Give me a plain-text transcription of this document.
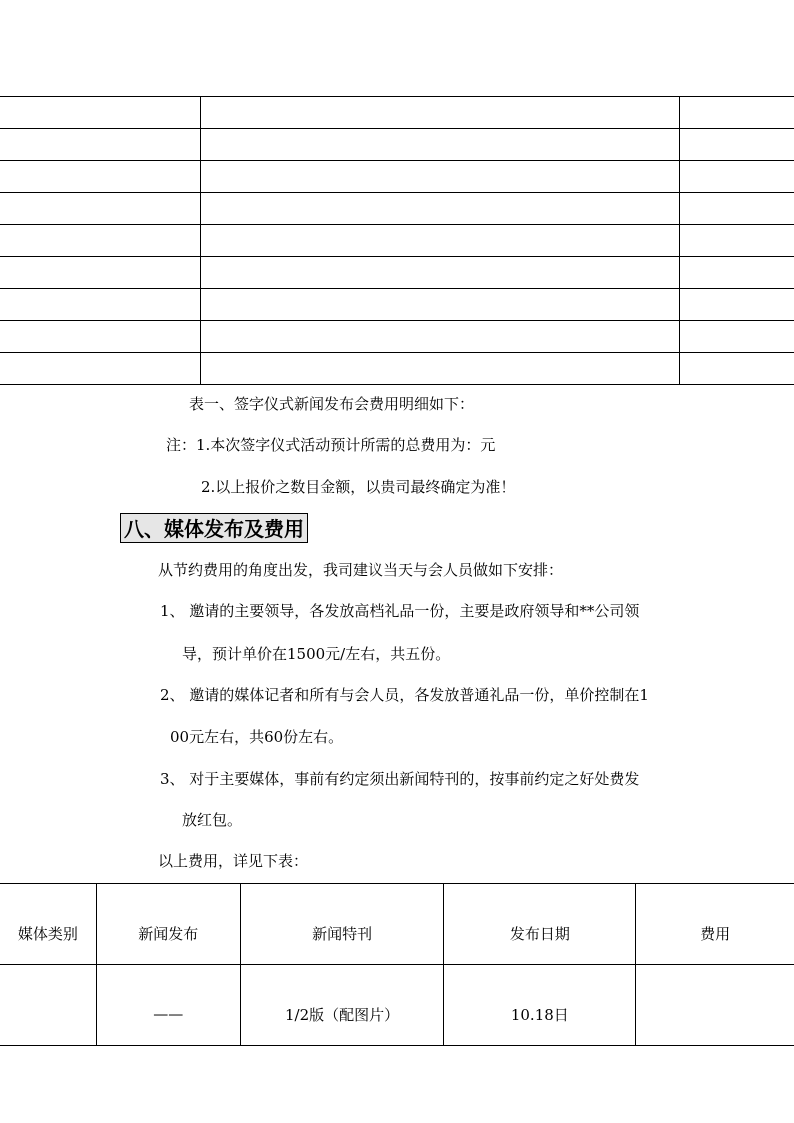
表一、签字仪式新闻发布会费用明细如下：
注：1.本次签字仪式活动预计所需的总费用为：元
2.以上报价之数目金额，以贵司最终确定为准！
八、媒体发布及费用
从节约费用的角度出发，我司建议当天与会人员做如下安排：
1、 邀请的主要领导，各发放高档礼品一份，主要是政府领导和**公司领
导，预计单价在1500元/左右，共五份。
2、 邀请的媒体记者和所有与会人员，各发放普通礼品一份，单价控制在1
00元左右，共60份左右。
3、 对于主要媒体，事前有约定须出新闻特刊的，按事前约定之好处费发
放红包。
以上费用，详见下表：
媒体类别	新闻发布	新闻特刊	发布日期	费用
	——	1/2版（配图片）	10.18日	
